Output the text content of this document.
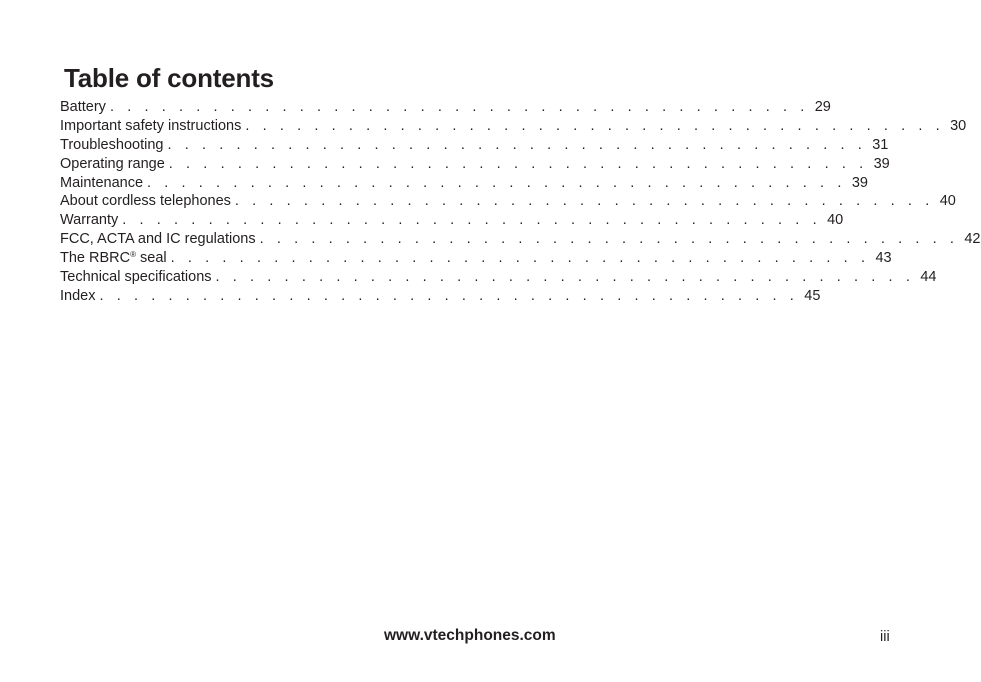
Table of contents
Battery . . . . . . . . . . . . . . . . . . . . . . . . . . . . . . . . . . . . . . . . . 29
Important safety instructions . . . . . . . . . . . . . . . . . . . . . . . . . . . . . . . . . . . . . . . . . 30
Troubleshooting . . . . . . . . . . . . . . . . . . . . . . . . . . . . . . . . . . . . . . . . . 31
Operating range . . . . . . . . . . . . . . . . . . . . . . . . . . . . . . . . . . . . . . . . . 39
Maintenance . . . . . . . . . . . . . . . . . . . . . . . . . . . . . . . . . . . . . . . . . 39
About cordless telephones . . . . . . . . . . . . . . . . . . . . . . . . . . . . . . . . . . . . . . . . . 40
Warranty . . . . . . . . . . . . . . . . . . . . . . . . . . . . . . . . . . . . . . . . . 40
FCC, ACTA and IC regulations . . . . . . . . . . . . . . . . . . . . . . . . . . . . . . . . . . . . . . . . . 42
The RBRC® seal . . . . . . . . . . . . . . . . . . . . . . . . . . . . . . . . . . . . . . . . . 43
Technical specifications . . . . . . . . . . . . . . . . . . . . . . . . . . . . . . . . . . . . . . . . . 44
Index . . . . . . . . . . . . . . . . . . . . . . . . . . . . . . . . . . . . . . . . . 45
www.vtechphones.com	iii
